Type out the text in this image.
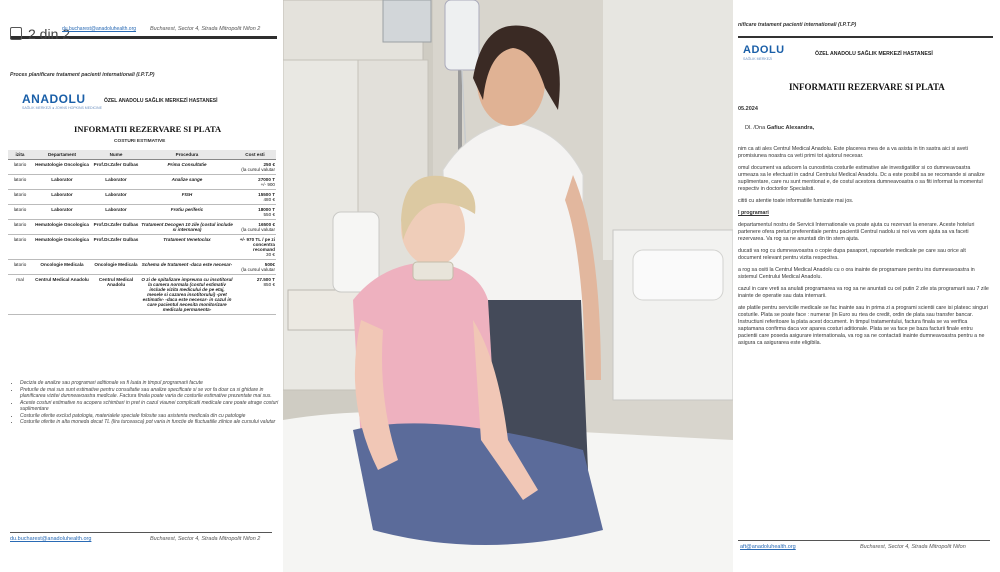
2 din 2
du.bucharest@anadoluhealth.org	Bucharest, Sector 4, Strada Mitropolit Nifon 2
Proces planificare tratament pacienti internationali (I.P.T.P)
ANADOLU
SAĞLIK MERKEZİ ● JOHNS HOPKINS MEDICINE
ÖZEL ANADOLU SAĞLIK MERKEZİ HASTANESİ
INFORMATII REZERVARE SI PLATA
COSTURI ESTIMATIVE
izita	Departament	Nume	Procedura	Cost esti

latorio	Hematologie Oncologica	Prof.Dr.Zafer Gulbas	Prima Consultatie	250 €
(la cursul valutar

latorio	Laborator	Laborator	Analize sange	27000 T
+/- 900

latorio	Laborator	Laborator	FISH	15500 T
480 €

latorio	Laborator	Laborator	Frotiu periferic	18000 T
550 €

latorio	Hematologie Oncologica	Prof.Dr.Zafer Gulbas	Tratament Decogen 10 zile (costul include si internarea)	16500 €
(la cursul valutar

latorio	Hematologie Oncologica	Prof.Dr.Zafer Gulbas	Tratament Venetoclax	+/- 970 TL / pe zi concentra recomand
30 €

latorio	Oncologie Medicala	Oncologie Medicala	Schema de tratament -daca este necesar-	500€
(la cursul valutar

rnal	Centrul Medical Anadolu	Centrul Medical Anadolu	O zi de spitalizare impreuna cu insotitorul la camera normala (costul estimativ include vizita medicului de pe etaj, mesele si cazarea insotitorului) -pret estimativ- -daca este necesar- in cazul in care pacientul necesita monitorizare medicala permanenta-	27.500 T
850 €
• Decizia de analize sau programari aditionale va fi luata in timpul programarii facute
• Preturile de mai sus sunt estimative pentru consultatie sau analize specificate si se vor fa doar ca si ghidare in planificarea vizitei dumneavoastra medicale. Factura finala poate varia de costurile estimative prezentate mai sus.
• Aceste costuri estimative nu acopera schimbari in pret in cazul viaunei complicatii medicale care poate atrage costuri suplimentare
• Costurile oferite exclud patologia, materialele speciale folosite sau asistenta medicala din cu patologie
• Costurile oferite in alta moneda decat TL (lira turceasca) pot varia in functie de fluctuatiile zilnice ale cursului valutar
du.bucharest@anadoluhealth.org	Bucharest, Sector 4, Strada Mitropolit Nifon 2
nificare tratament pacienti internationali (I.P.T.P)
ADOLU
SAĞLIK MERKEZİ
ÖZEL ANADOLU SAĞLIK MERKEZİ HASTANESİ
INFORMATII REZERVARE SI PLATA
05.2024
Dl. /Dna Gafiuc Alexandra,

nim ca ati ales Centrul Medical Anadolu. Este placerea mea de a va asista in tin sastra aici si aveti promisiunea noastra ca veti primi tot ajutorul necesar.

omul document va aducem la cunostinta costurile estimative ale investigatiilor si co dumneavoastra urmeaza sa le efectuati in cadrul Centrului Medical Anadolu. Dc a este posibil sa se recomande si analize suplimentare, care nu sunt mentionat e, de costul acestora dumneavoastra o sa fiti informat la momentul respectiv in doctorilor Specialisti.

cititi cu atentie toate informatiile furnizate mai jos.

l programari

departamentul nostru de Servicii Internationale va poate ajuta cu rezervari la enerare. Aceste hoteluri partenere ofera preturi preferentiale pentru pacientii Centrul nadolu si noi va vom ajuta sa va faceti rezervarea. Va rog sa ne anuntati din tin stem ajuta.

ducati va rog cu dumneavoastra o copie dupa pasaport, rapoartele medicale pe care sau orice alt document relevant pentru vizita respectiva.

a rog sa ositi la Centrul Medical Anadolu cu o ora inainte de programare pentru ins dumneavoastra in sistemul Centrului Medical Anadolu.

cazul in care vreti sa anulati programarea va rog sa ne anuntati cu cel putin 2 zile sta programarii sau 7 zile inainte de operatie sau data internarii.

ate platile pentru serviciile medicale se fac inainte sau in prima zi a programi scientii care isi platesc singuri costurile. Plata se poate face : numerar (in Euro su rtea de credit, ordin de plata sau transfer bancar. Instructiuni referitoare la plata acest document. In timpul tratamentului, factura finala se va verifica saptamana confirma daca vor aparea costuri aditionale. Plata se va face pe baza facturii finale entru pacientii care poseda asigurare internationala, va rog sa ne contactati inainte dumneavoastra pentru a ne asigura ca asigurarea este eligibila.

aft@anadoluhealth.org	Bucharest, Sector 4, Strada Mitropolit Nifon
